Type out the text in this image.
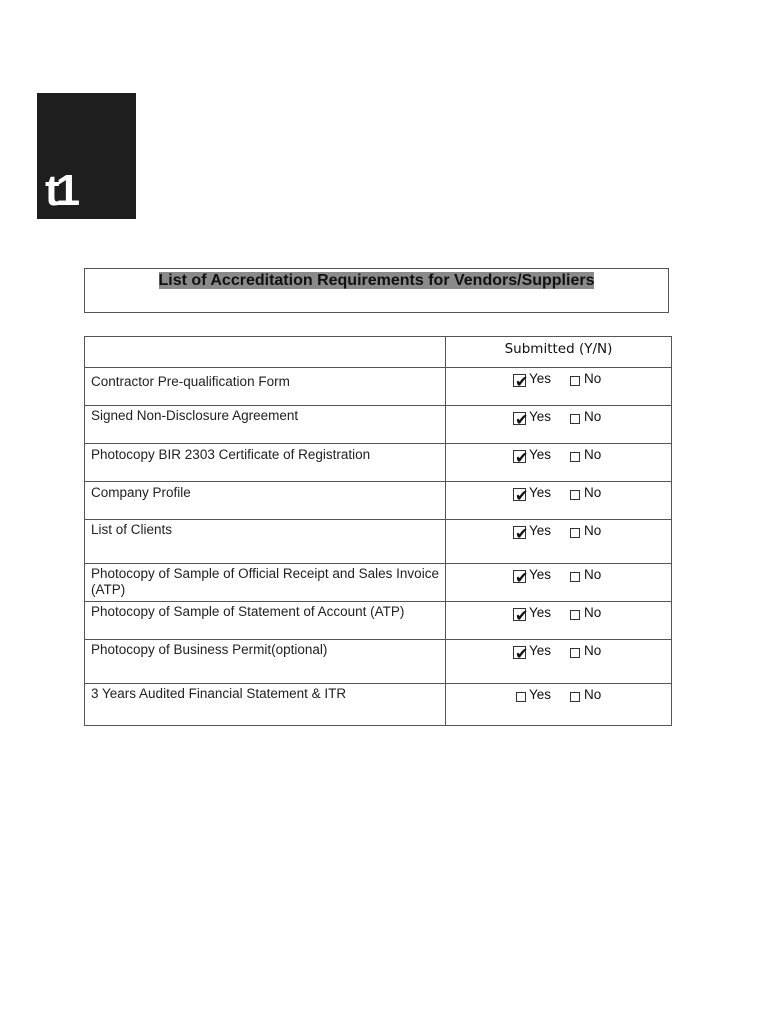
t1
List of Accreditation Requirements for Vendors/Suppliers
	Submitted (Y/N)

Contractor Pre-qualification Form	✔ Yes No

Signed Non-Disclosure Agreement	✔ Yes No

Photocopy BIR 2303 Certificate of Registration	✔ Yes No

Company Profile	✔ Yes No

List of Clients	✔ Yes No

Photocopy of Sample of Official Receipt and Sales Invoice (ATP)	✔ Yes No

Photocopy of Sample of Statement of Account (ATP)	✔ Yes No

Photocopy of Business Permit(optional)	✔ Yes No

3 Years Audited Financial Statement & ITR	Yes No
